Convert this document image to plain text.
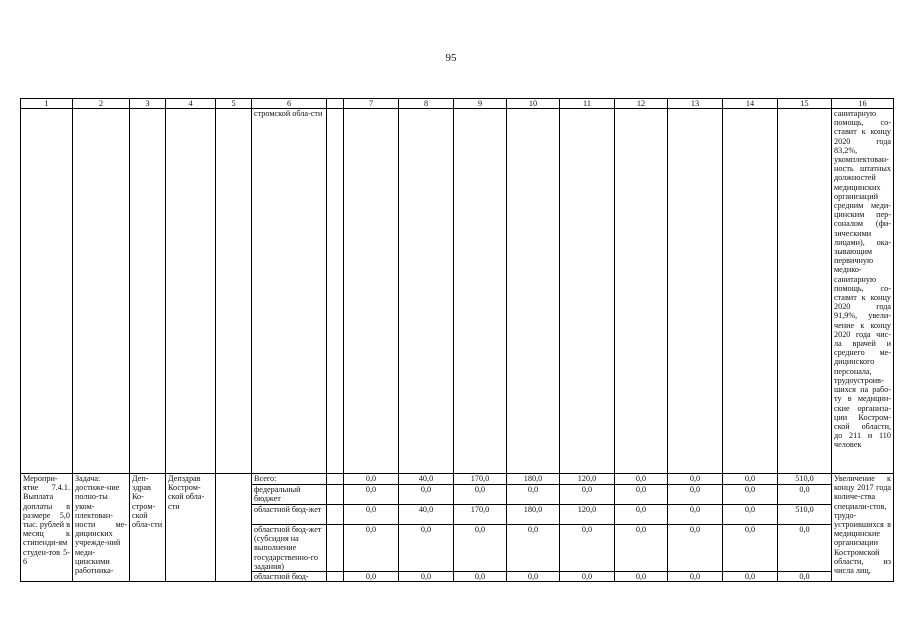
95
1	2	3	4	5	6		7	8	9	10	11	12	13	14	15	16
					стромской обла-сти											санитарную помощь, со-ставит к концу 2020 года 83,2%, укомплектован-ность штатных должностей медицинских организаций средним меди-цинским пер-соналом (фи-зическими лицами), ока-зывающим первичную медико-санитарную помощь, со-ставит к концу 2020 года 91,9%, увели-чение к концу 2020 года чис-ла врачей и среднего ме-дицинского персонала, трудоустроив-шихся на рабо-ту в медицин-ские организа-ции Костром-ской области, до 211 и 110 человек
Меропри-ятие 7.4.1. Выплата доплаты в размере 5,0 тыс. рублей в месяц к стипенди-ям студен-тов 5-6	Задача: достиже-ние полно-ты уком-плектован-ности ме-дицинских учрежде-ний меди-цинскими работника-	Деп-здрав Ко-стром-ской обла-сти	Депздрав Костром-ской обла-сти		Всего:		0,0	40,0	170,0	180,0	120,0	0,0	0,0	0,0	510,0	Увеличение к концу 2017 года количе-ства специали-стов, трудо-устроившихся в медицинские организации Костромской области, из числа лиц,
					федеральный бюджет		0,0	0,0	0,0	0,0	0,0	0,0	0,0	0,0	0,0	
					областной бюд-жет		0,0	40,0	170,0	180,0	120,0	0,0	0,0	0,0	510,0	
					областной бюд-жет (субсидия на выполнение государственно-го задания)		0,0	0,0	0,0	0,0	0,0	0,0	0,0	0,0	0,0	
					областной бюд-		0,0	0,0	0,0	0,0	0,0	0,0	0,0	0,0	0,0	
